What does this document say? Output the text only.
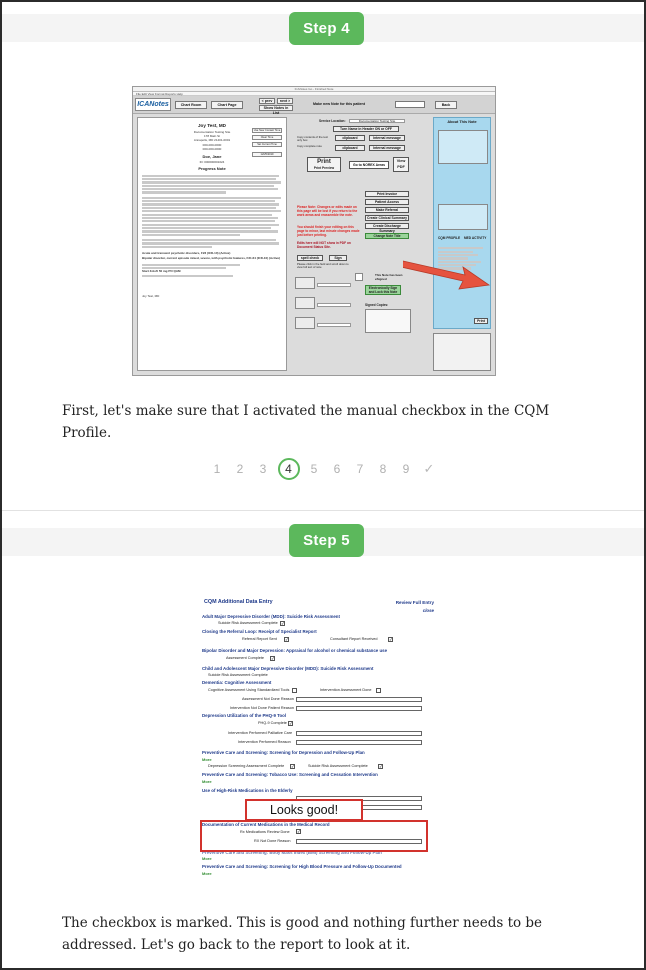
Step 4
ICANotes Go - Finished Note
File Edit View Format Reports Help
ICANotes	Chart Room	Chart Page
< prev	next >
Show Notes in List
Make new Note for this patient	Back
Joy Test, MD
Documentation Testing Site
178 Main St
Annapolis, MD 21401-0001
000-000-0000
000-000-0000
Doe, Jane
ID: 000000001024
Progress Note
Use New Contact Time
Clear Time
Set Current Time
12/25/2019
Acute and transient psychotic disorders, F23 (ICD-10) (Active)
Bipolar disorder, current episode mixed, severe, with psychotic features, F31.64 (ICD-10) (Active)
Start Zoloft 50 mg PO QAM
Joy Test, MD
Service Location:	Documentation Testing Site
Turn Name in Header ON or OFF
Copy contents of the text only box.
clipboard	Internal message
Copy complete note	clipboard	Internal message
Print
Print Preview
Go to NOREX Areas
View PDF
Please Note: Changes or edits made on this page will be lost if you return to the work areas and reassemble the note.
You should finish your editing on this page to minor, last minute changes made just before printing.
Edits here will NOT show in PDF on Document Status Site.
Print Invoice
Patient Access
Make Referral
Create Clinical Summary
Create Discharge Summary
Change Note Title
spell check	Sign
Please click in the field and scroll down to view full text of note
This Note has been eSigned
Electronically Sign and Lock this Note
Signed Copies:
About This Note
CQM PROFILE MED ACTIVITY
Print
First, let's make sure that I activated the manual checkbox in the CQM Profile.
1	2	3	4	5	6	7	8	9	✓
Step 5
CQM Additional Data Entry	Review Full Entry
close
Adult Major Depressive Disorder (MDD): Suicide Risk Assessment
Suicide Risk Assessment Complete ✓
Closing the Referral Loop: Receipt of Specialist Report
Referral Report Sent ✓	Consultant Report Received	✓
Bipolar Disorder and Major Depression: Appraisal for alcohol or chemical substance use
Assessment Complete ✓
Child and Adolescent Major Depressive Disorder (MDD): Suicide Risk Assessment
Suicide Risk Assessment Complete
Dementia: Cognitive Assessment
Cognitive Assessment Using Standardized Tools	Intervention Assessment Done
Assessment Not Done Reason
Intervention Not Done Patient Reason
Depression Utilization of the PHQ-9 Tool
PHQ-9 Complete ✓
Intervention Performed Palliative Care
Intervention Performed Reason
Preventive Care and Screening: Screening for Depression and Follow-Up Plan
More
Depression Screening Assessment Complete ✓	Suicide Risk Assessment Complete	✓
Preventive Care and Screening: Tobacco Use: Screening and Cessation Intervention
More
Use of High-Risk Medications in the Elderly
Documentation of Current Medications in the Medical Record
Rx Medications Review Done ✓
RX Not Done Reason
Preventive Care and Screening: Body Mass Index (BMI) Screening and Follow-Up Plan
More
Preventive Care and Screening: Screening for High Blood Pressure and Follow-Up Documented
More
Looks good!
The checkbox is marked. This is good and nothing further needs to be addressed. Let's go back to the report to look at it.
